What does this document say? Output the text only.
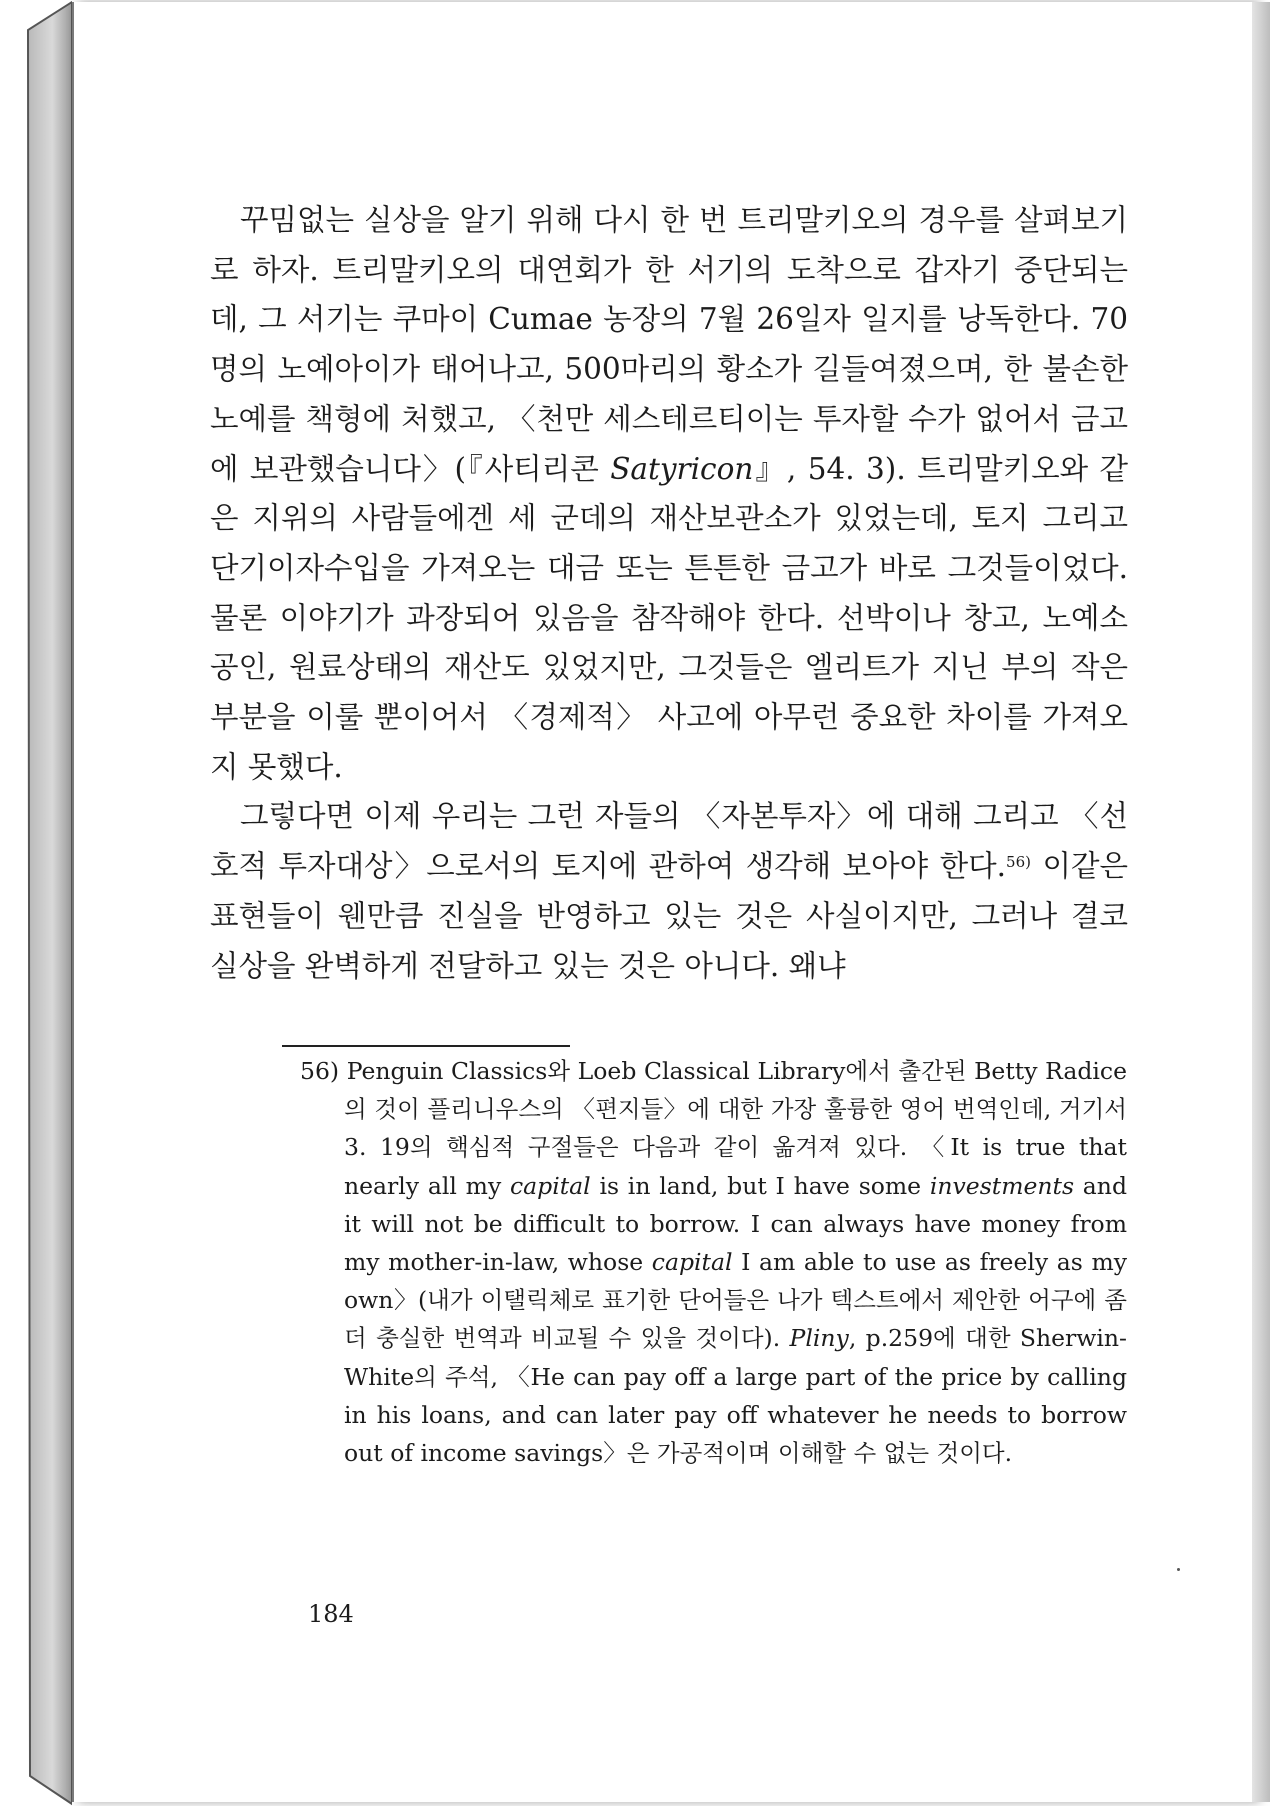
꾸밈없는 실상을 알기 위해 다시 한 번 트리말키오의 경우를 살펴보기로 하자. 트리말키오의 대연회가 한 서기의 도착으로 갑자기 중단되는데, 그 서기는 쿠마이 Cumae 농장의 7월 26일자 일지를 낭독한다. 70명의 노예아이가 태어나고, 500마리의 황소가 길들여졌으며, 한 불손한 노예를 책형에 처했고, 〈천만 세스테르티이는 투자할 수가 없어서 금고에 보관했습니다〉(『사티리콘 Satyricon』, 54. 3). 트리말키오와 같은 지위의 사람들에겐 세 군데의 재산보관소가 있었는데, 토지 그리고 단기이자수입을 가져오는 대금 또는 튼튼한 금고가 바로 그것들이었다. 물론 이야기가 과장되어 있음을 참작해야 한다. 선박이나 창고, 노예소공인, 원료상태의 재산도 있었지만, 그것들은 엘리트가 지닌 부의 작은 부분을 이룰 뿐이어서 〈경제적〉 사고에 아무런 중요한 차이를 가져오지 못했다.

그렇다면 이제 우리는 그런 자들의 〈자본투자〉에 대해 그리고 〈선호적 투자대상〉으로서의 토지에 관하여 생각해 보아야 한다.$^{56)}$ 이같은 표현들이 웬만큼 진실을 반영하고 있는 것은 사실이지만, 그러나 결코 실상을 완벽하게 전달하고 있는 것은 아니다. 왜냐

56) Penguin Classics와 Loeb Classical Library에서 출간된 Betty Radice의 것이 플리니우스의 〈편지들〉에 대한 가장 훌륭한 영어 번역인데, 거기서 3. 19의 핵심적 구절들은 다음과 같이 옮겨져 있다. 〈It is true that nearly all my capital is in land, but I have some investments and it will not be difficult to borrow. I can always have money from my mother-in-law, whose capital I am able to use as freely as my own〉(내가 이탤릭체로 표기한 단어들은 나가 텍스트에서 제안한 어구에 좀더 충실한 번역과 비교될 수 있을 것이다). Pliny, p.259에 대한 Sherwin-White의 주석, 〈He can pay off a large part of the price by calling in his loans, and can later pay off whatever he needs to borrow out of income savings〉은 가공적이며 이해할 수 없는 것이다.

184
